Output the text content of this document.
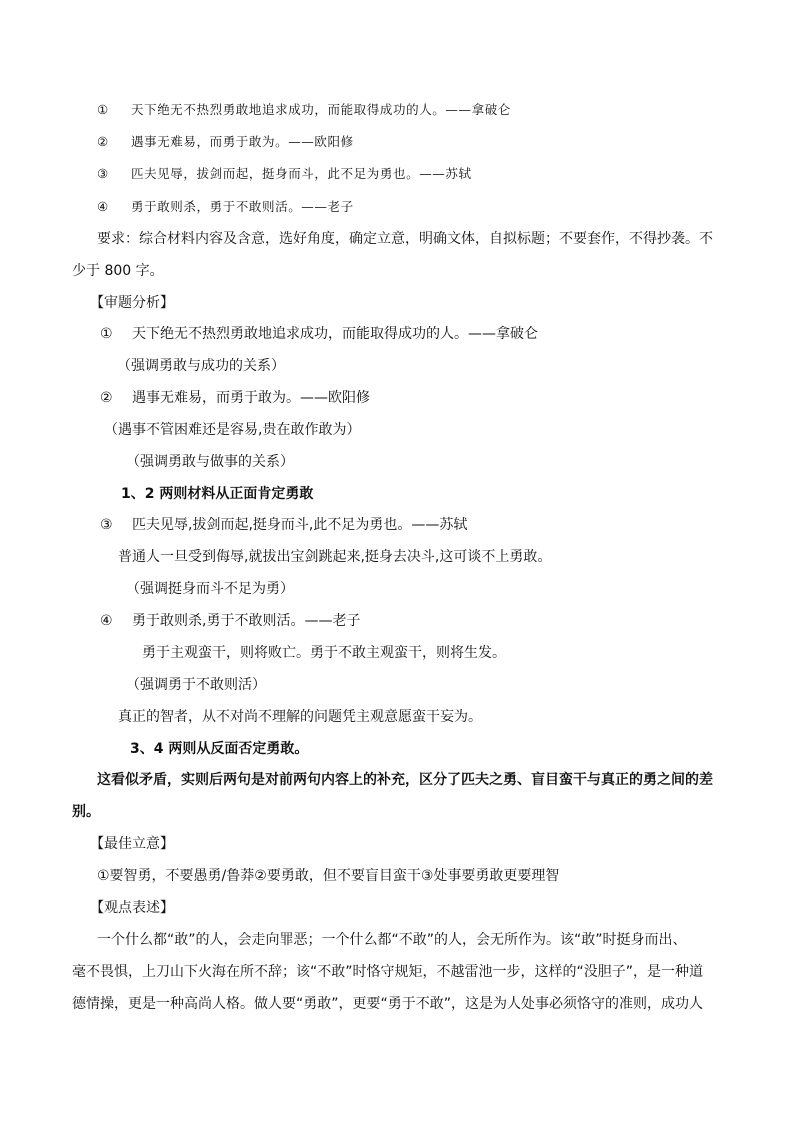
① 天下绝无不热烈勇敢地追求成功，而能取得成功的人。——拿破仑
② 遇事无难易，而勇于敢为。——欧阳修
③ 匹夫见辱，拔剑而起，挺身而斗，此不足为勇也。——苏轼
④ 勇于敢则杀，勇于不敢则活。——老子
要求：综合材料内容及含意，选好角度，确定立意，明确文体，自拟标题；不要套作，不得抄袭。不
少于 800 字。
【审题分析】
① 天下绝无不热烈勇敢地追求成功，而能取得成功的人。——拿破仑
（强调勇敢与成功的关系）
② 遇事无难易，而勇于敢为。——欧阳修
（遇事不管困难还是容易,贵在敢作敢为）
（强调勇敢与做事的关系）
1、2 两则材料从正面肯定勇敢
③ 匹夫见辱,拔剑而起,挺身而斗,此不足为勇也。——苏轼
普通人一旦受到侮辱,就拔出宝剑跳起来,挺身去决斗,这可谈不上勇敢。
（强调挺身而斗不足为勇）
④ 勇于敢则杀,勇于不敢则活。——老子
勇于主观蛮干，则将败亡。勇于不敢主观蛮干，则将生发。
（强调勇于不敢则活）
真正的智者，从不对尚不理解的问题凭主观意愿蛮干妄为。
3、4 两则从反面否定勇敢。
这看似矛盾，实则后两句是对前两句内容上的补充，区分了匹夫之勇、盲目蛮干与真正的勇之间的差
别。
【最佳立意】
①要智勇，不要愚勇/鲁莽②要勇敢，但不要盲目蛮干③处事要勇敢更要理智
【观点表述】
一个什么都“敢”的人，会走向罪恶；一个什么都“不敢”的人，会无所作为。该“敢”时挺身而出、
毫不畏惧，上刀山下火海在所不辞；该“不敢”时恪守规矩，不越雷池一步，这样的“没胆子”，是一种道
德情操，更是一种高尚人格。做人要“勇敢”，更要“勇于不敢”，这是为人处事必须恪守的准则，成功人
